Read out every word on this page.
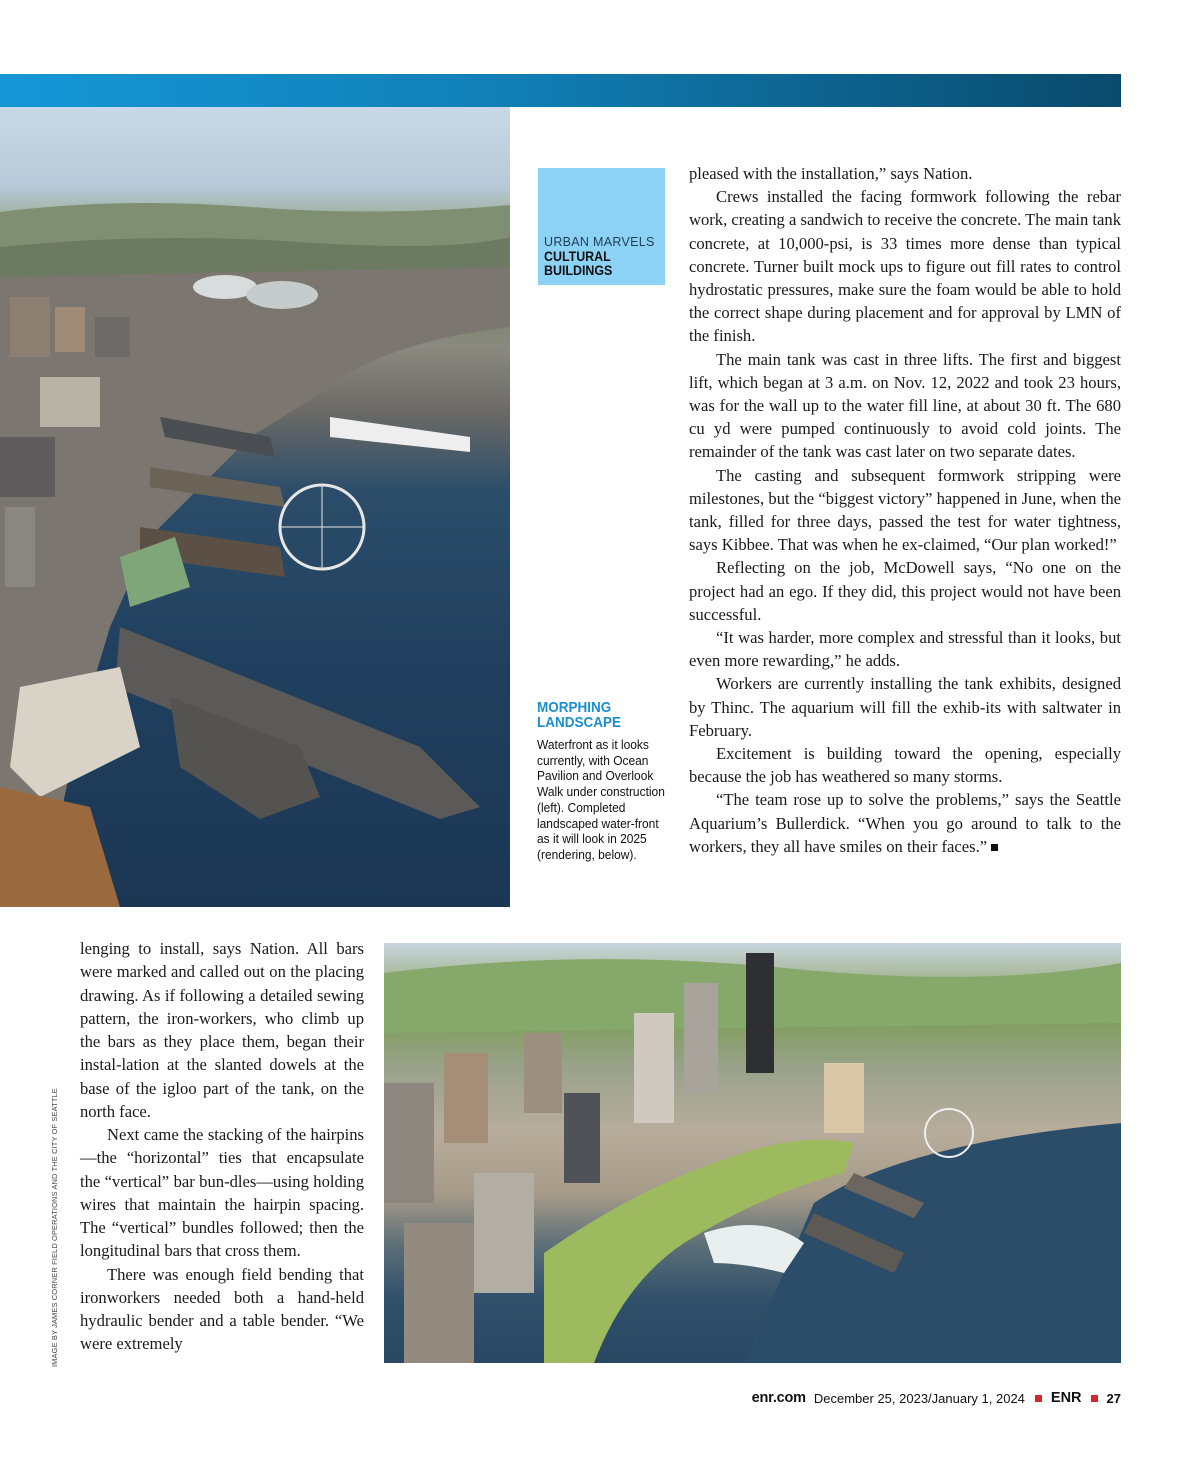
URBAN MARVELS
CULTURAL
BUILDINGS
MORPHING
LANDSCAPE
Waterfront as it looks currently, with Ocean Pavilion and Overlook Walk under construction (left). Completed landscaped water-front as it will look in 2025 (rendering, below).

pleased with the installation,” says Nation.

Crews installed the facing formwork following the rebar work, creating a sandwich to receive the concrete. The main tank concrete, at 10,000-psi, is 33 times more dense than typical concrete. Turner built mock ups to figure out fill rates to control hydrostatic pressures, make sure the foam would be able to hold the correct shape during placement and for approval by LMN of the finish.

The main tank was cast in three lifts. The first and biggest lift, which began at 3 a.m. on Nov. 12, 2022 and took 23 hours, was for the wall up to the water fill line, at about 30 ft. The 680 cu yd were pumped continuously to avoid cold joints. The remainder of the tank was cast later on two separate dates.

The casting and subsequent formwork stripping were milestones, but the “biggest victory” happened in June, when the tank, filled for three days, passed the test for water tightness, says Kibbee. That was when he ex-claimed, “Our plan worked!”

Reflecting on the job, McDowell says, “No one on the project had an ego. If they did, this project would not have been successful.

“It was harder, more complex and stressful than it looks, but even more rewarding,” he adds.

Workers are currently installing the tank exhibits, designed by Thinc. The aquarium will fill the exhib-its with saltwater in February.

Excitement is building toward the opening, especially because the job has weathered so many storms.

“The team rose up to solve the problems,” says the Seattle Aquarium’s Bullerdick. “When you go around to talk to the workers, they all have smiles on their faces.”

lenging to install, says Nation. All bars were marked and called out on the placing drawing. As if following a detailed sewing pattern, the iron-workers, who climb up the bars as they place them, began their instal-lation at the slanted dowels at the base of the igloo part of the tank, on the north face.

Next came the stacking of the hairpins—the “horizontal” ties that encapsulate the “vertical” bar bun-dles—using holding wires that maintain the hairpin spacing. The “vertical” bundles followed; then the longitudinal bars that cross them.

There was enough field bending that ironworkers needed both a hand-held hydraulic bender and a table bender. “We were extremely

IMAGE BY JAMES CORNER FIELD OPERATIONS AND THE CITY OF SEATTLE
enr.com December 25, 2023/January 1, 2024 ENR 27
